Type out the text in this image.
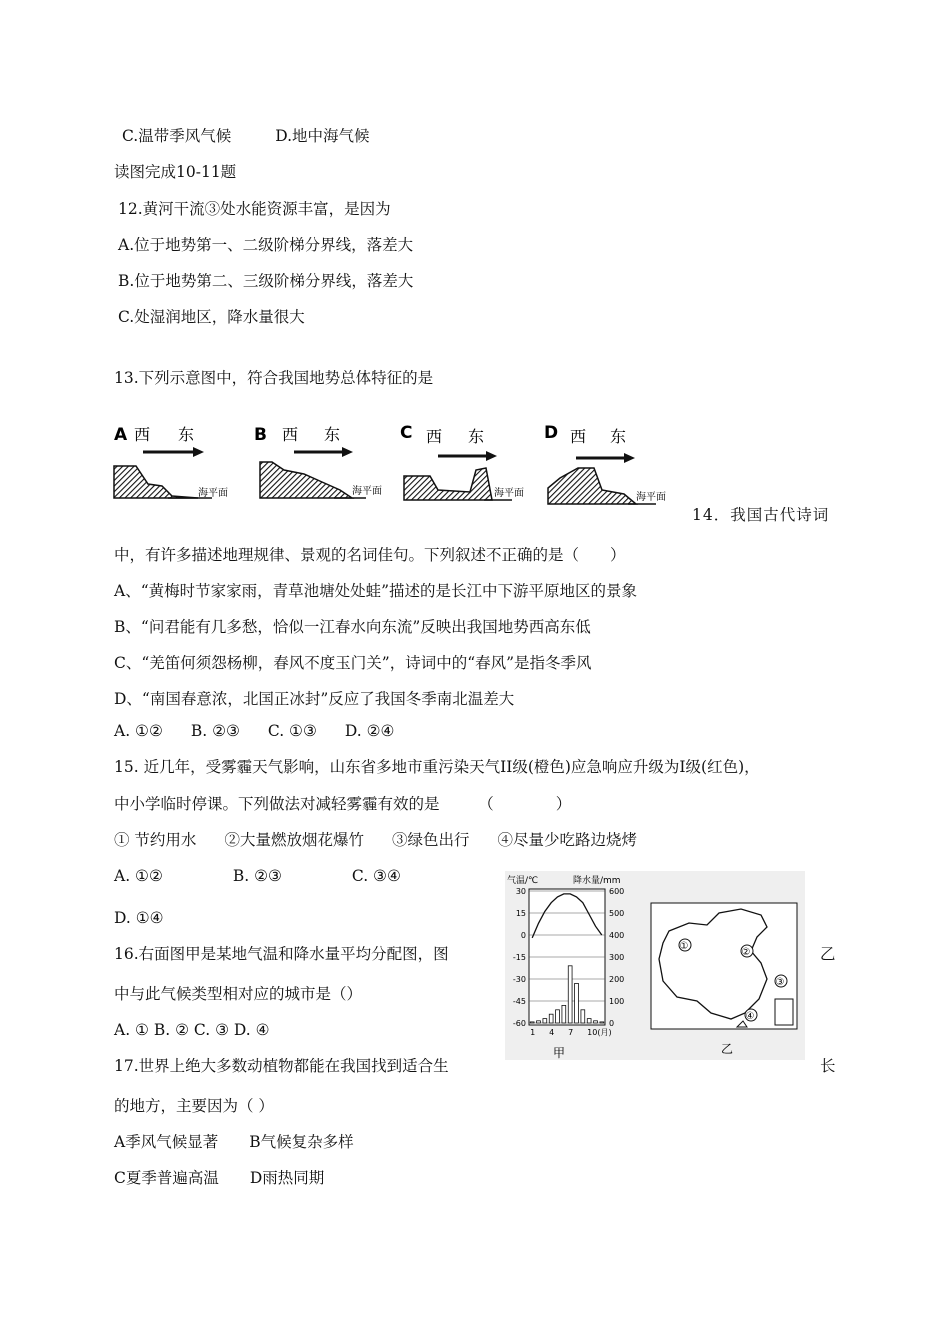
C.温带季风气候	D.地中海气候
读图完成10-11题
12.黄河干流③处水能资源丰富，是因为
A.位于地势第一、二级阶梯分界线，落差大
B.位于地势第二、三级阶梯分界线，落差大
C.处湿润地区，降水量很大
13.下列示意图中，符合我国地势总体特征的是
A 西 东
海平面
B 西 东
海平面
C 西 东
海平面
D 西 东
海平面
14．我国古代诗词
中，有许多描述地理规律、景观的名词佳句。下列叙述不正确的是（　　）
A、“黄梅时节家家雨，青草池塘处处蛙”描述的是长江中下游平原地区的景象
B、“问君能有几多愁，恰似一江春水向东流”反映出我国地势西高东低
C、“羌笛何须怨杨柳，春风不度玉门关”，诗词中的“春风”是指冬季风
D、“南国春意浓，北国正冰封”反应了我国冬季南北温差大
A. ①② B. ②③ C. ①③ D. ②④
15. 近几年，受雾霾天气影响，山东省多地市重污染天气II级(橙色)应急响应升级为I级(红色)，
中小学临时停课。下列做法对减轻雾霾有效的是　　　（　　　　）
① 节约用水 ②大量燃放烟花爆竹 ③绿色出行 ④尽量少吃路边烧烤
A. ①②	B. ②③	C. ③④
D. ①④
16.右面图甲是某地气温和降水量平均分配图，图	乙
中与此气候类型相对应的城市是（）
A. ① B. ② C. ③ D. ④
17.世界上绝大多数动植物都能在我国找到适合生	长
的地方，主要因为（ ）
A季风气候显著　　B气候复杂多样
C夏季普遍高温　　D雨热同期
气温/℃	降水量/mm
30
15
0
-15
-30
-45
-60
600
500
400
300
200
100
0
1 4 7 10(月)
甲
①
②
③
④
乙
